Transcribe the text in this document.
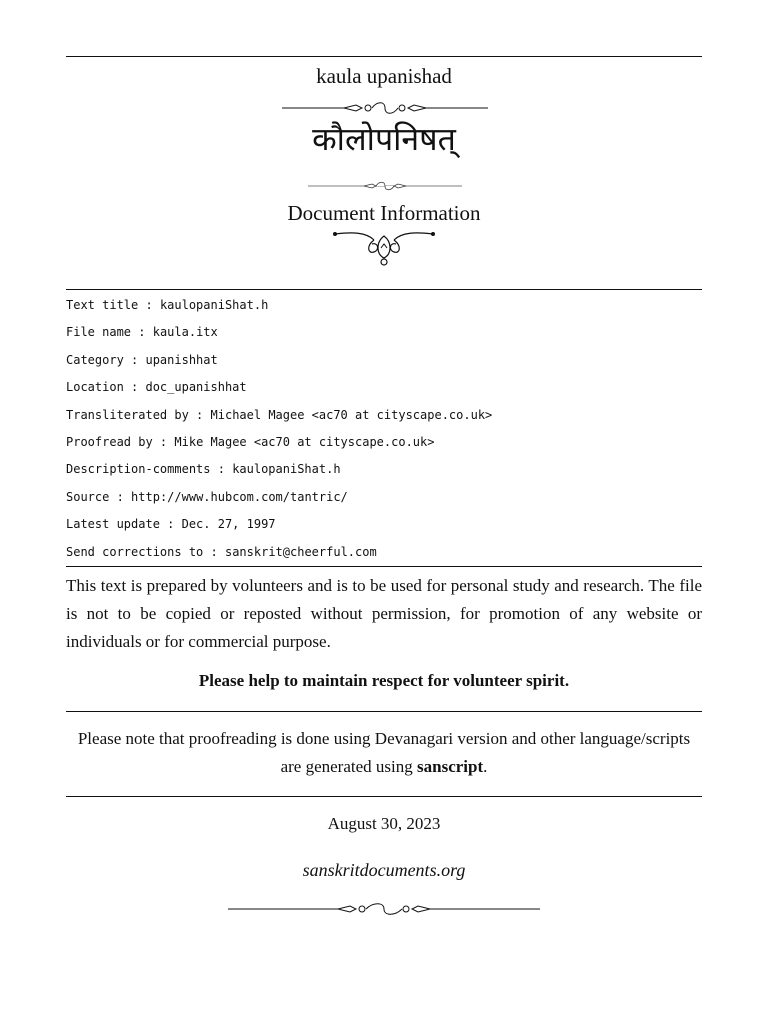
kaula upanishad
कौलोपनिषत्
Document Information
Text title : kaulopaniShat.h
File name : kaula.itx
Category : upanishhat
Location : doc_upanishhat
Transliterated by : Michael Magee <ac70 at cityscape.co.uk>
Proofread by : Mike Magee <ac70 at cityscape.co.uk>
Description-comments : kaulopaniShat.h
Source : http://www.hubcom.com/tantric/
Latest update : Dec. 27, 1997
Send corrections to : sanskrit@cheerful.com
This text is prepared by volunteers and is to be used for personal study and research. The file is not to be copied or reposted without permission, for promotion of any website or individuals or for commercial purpose.
Please help to maintain respect for volunteer spirit.
Please note that proofreading is done using Devanagari version and other language/scripts are generated using sanscript.
August 30, 2023
sanskritdocuments.org
